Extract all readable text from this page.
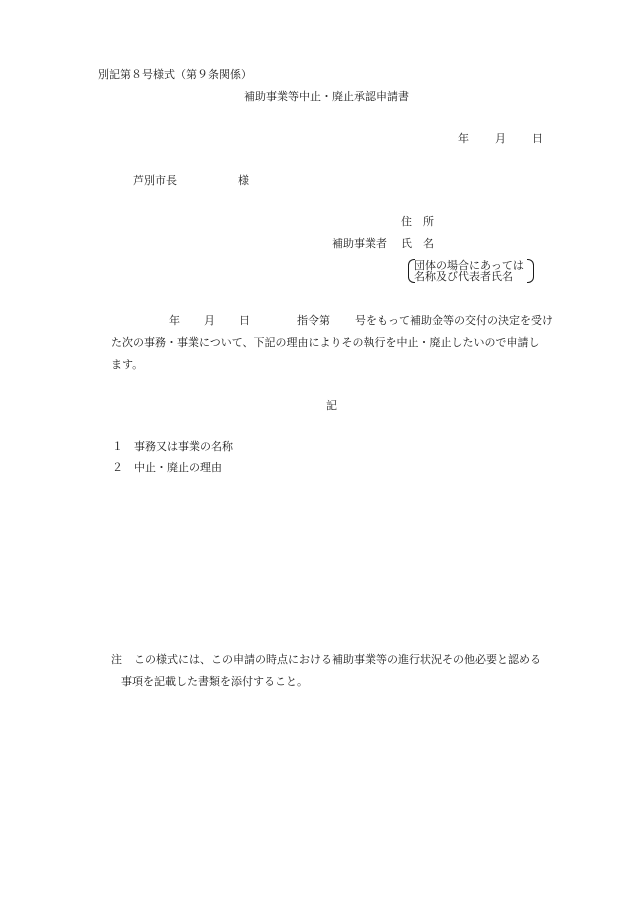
別記第８号様式（第９条関係）
補助事業等中止・廃止承認申請書
年 月 日
芦別市長	様
住　所
補助事業者 氏　名
団体の場合にあっては
名称及び代表者氏名
年 月 日	指令第 号をもって補助金等の交付の決定を受け
た次の事務・事業について、下記の理由によりその執行を中止・廃止したいので申請し
ます。
記
１ 事務又は事業の名称
２ 中止・廃止の理由
注 この様式には、この申請の時点における補助事業等の進行状況その他必要と認める
事項を記載した書類を添付すること。
